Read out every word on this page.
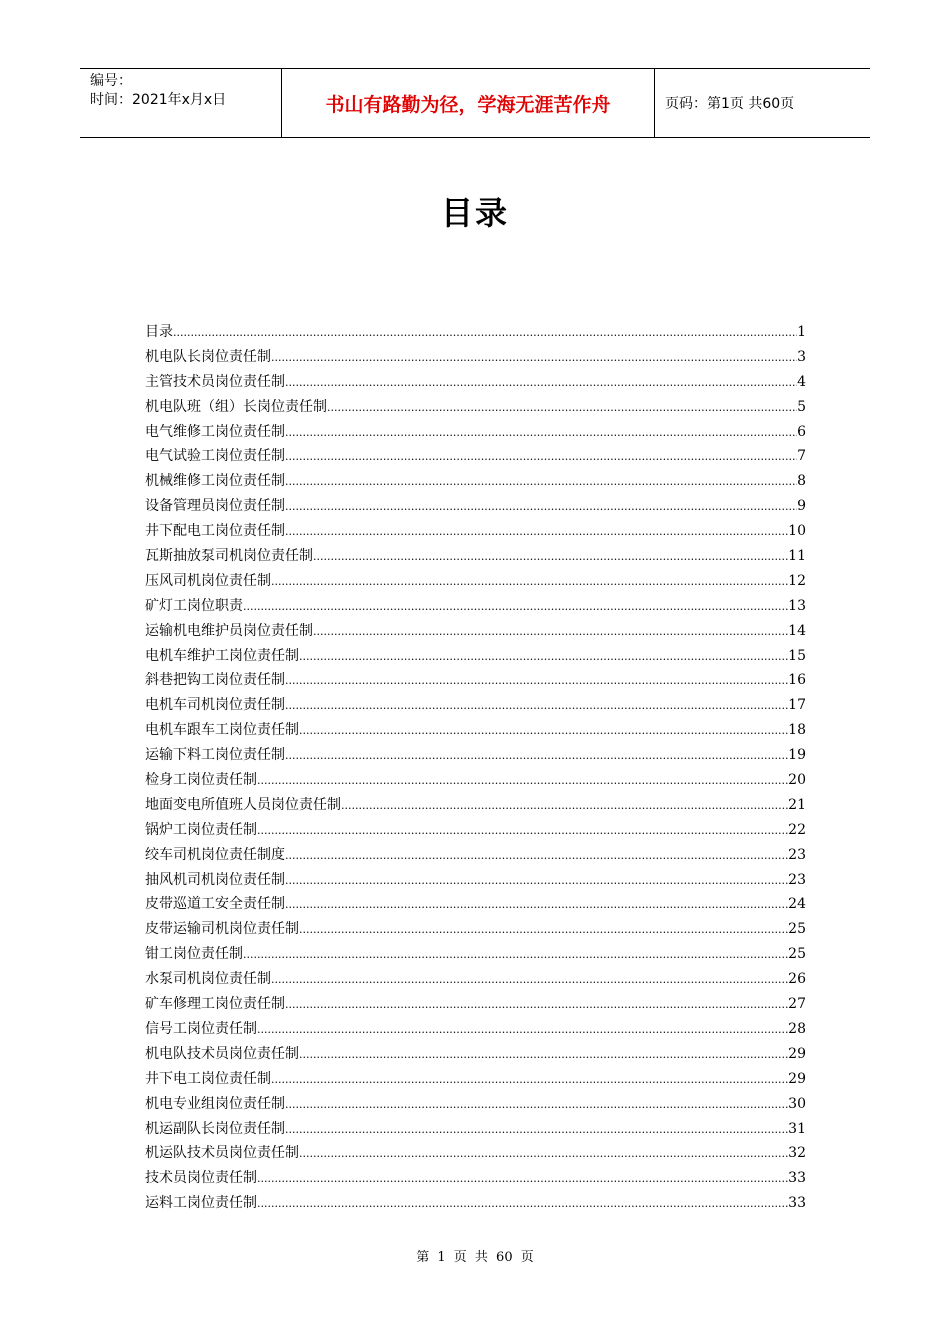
编号：
时间：2021年x月x日	书山有路勤为径，学海无涯苦作舟	页码：第1页 共60页
目录
目录 .....	1
机电队长岗位责任制 .....	3
主管技术员岗位责任制 .....	4
机电队班（组）长岗位责任制 .....	5
电气维修工岗位责任制 .....	6
电气试验工岗位责任制 .....	7
机械维修工岗位责任制 .....	8
设备管理员岗位责任制 .....	9
井下配电工岗位责任制 .....	10
瓦斯抽放泵司机岗位责任制 .....	11
压风司机岗位责任制 .....	12
矿灯工岗位职责 .....	13
运输机电维护员岗位责任制 .....	14
电机车维护工岗位责任制 .....	15
斜巷把钩工岗位责任制 .....	16
电机车司机岗位责任制 .....	17
电机车跟车工岗位责任制 .....	18
运输下料工岗位责任制 .....	19
检身工岗位责任制 .....	20
地面变电所值班人员岗位责任制 .....	21
锅炉工岗位责任制 .....	22
绞车司机岗位责任制度 .....	23
抽风机司机岗位责任制 .....	23
皮带巡道工安全责任制 .....	24
皮带运输司机岗位责任制 .....	25
钳工岗位责任制 .....	25
水泵司机岗位责任制 .....	26
矿车修理工岗位责任制 .....	27
信号工岗位责任制 .....	28
机电队技术员岗位责任制 .....	29
井下电工岗位责任制 .....	29
机电专业组岗位责任制 .....	30
机运副队长岗位责任制 .....	31
机运队技术员岗位责任制 .....	32
技术员岗位责任制 .....	33
运料工岗位责任制 .....	33
第 1 页 共 60 页
